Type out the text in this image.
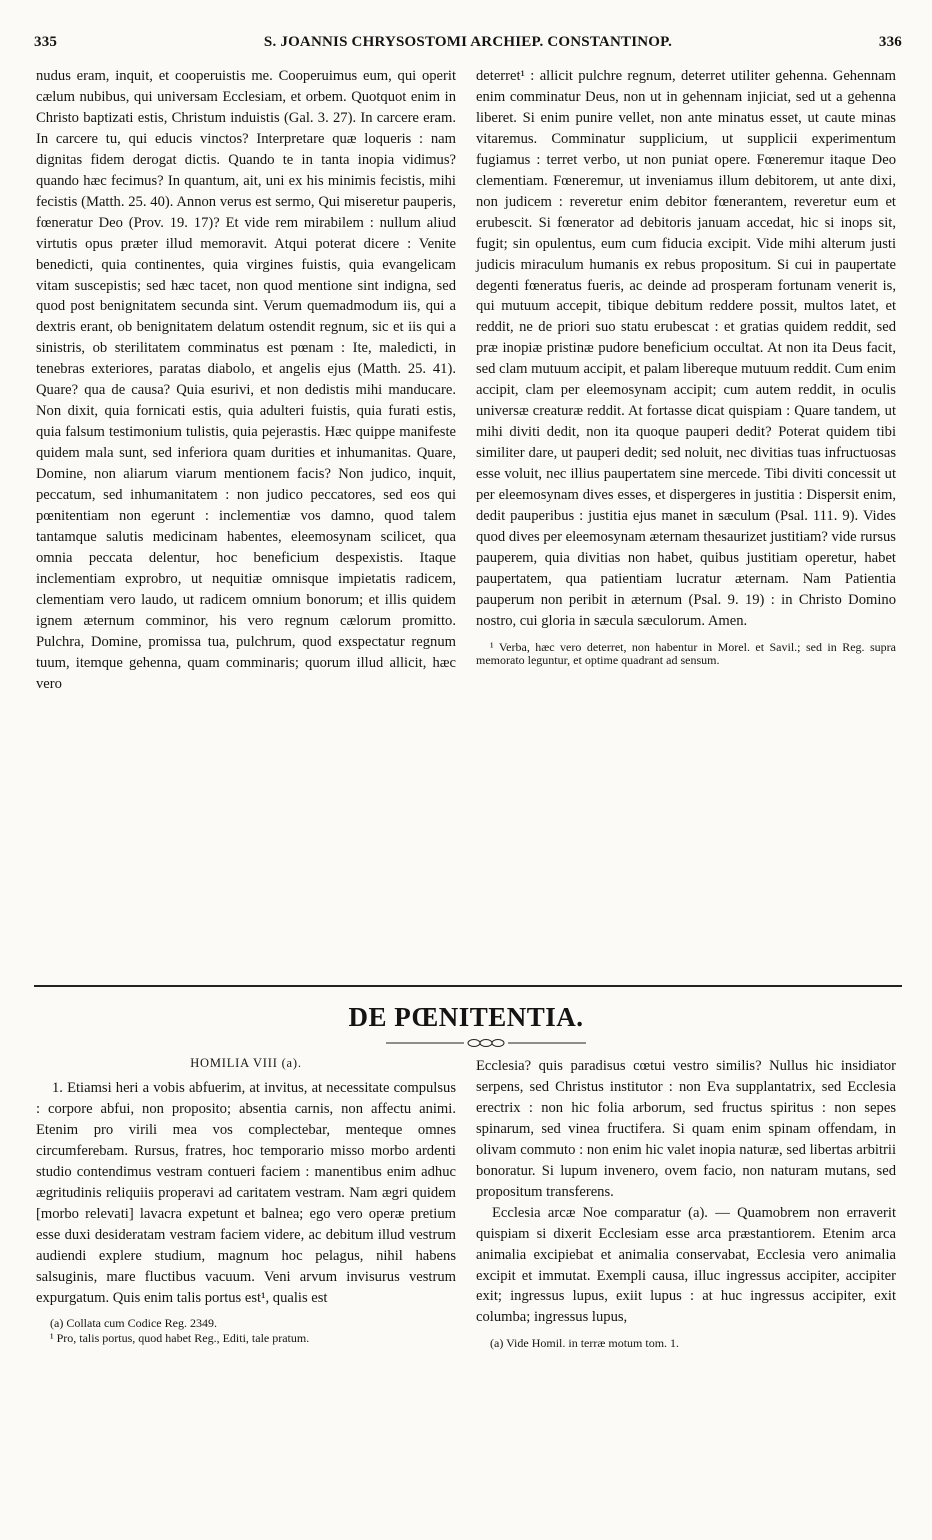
335	S. JOANNIS CHRYSOSTOMI ARCHIEP. CONSTANTINOP.	336

nudus eram, inquit, et cooperuistis me. Cooperuimus eum, qui operit cælum nubibus, qui universam Ecclesiam, et orbem. Quotquot enim in Christo baptizati estis, Christum induistis (Gal. 3. 27). In carcere eram. In carcere tu, qui educis vinctos? Interpretare quæ loqueris : nam dignitas fidem derogat dictis. Quando te in tanta inopia vidimus? quando hæc fecimus? In quantum, ait, uni ex his minimis fecistis, mihi fecistis (Matth. 25. 40). Annon verus est sermo, Qui miseretur pauperis, fœneratur Deo (Prov. 19. 17)? Et vide rem mirabilem : nullum aliud virtutis opus præter illud memoravit. Atqui poterat dicere : Venite benedicti, quia continentes, quia virgines fuistis, quia evangelicam vitam suscepistis; sed hæc tacet, non quod mentione sint indigna, sed quod post benignitatem secunda sint. Verum quemadmodum iis, qui a dextris erant, ob benignitatem delatum ostendit regnum, sic et iis qui a sinistris, ob sterilitatem comminatus est pœnam : Ite, maledicti, in tenebras exteriores, paratas diabolo, et angelis ejus (Matth. 25. 41). Quare? qua de causa? Quia esurivi, et non dedistis mihi manducare. Non dixit, quia fornicati estis, quia adulteri fuistis, quia furati estis, quia falsum testimonium tulistis, quia pejerastis. Hæc quippe manifeste quidem mala sunt, sed inferiora quam durities et inhumanitas. Quare, Domine, non aliarum viarum mentionem facis? Non judico, inquit, peccatum, sed inhumanitatem : non judico peccatores, sed eos qui pœnitentiam non egerunt : inclementiæ vos damno, quod talem tantamque salutis medicinam habentes, eleemosynam scilicet, qua omnia peccata delentur, hoc beneficium despexistis. Itaque inclementiam exprobro, ut nequitiæ omnisque impietatis radicem, clementiam vero laudo, ut radicem omnium bonorum; et illis quidem ignem æternum comminor, his vero regnum cælorum promitto. Pulchra, Domine, promissa tua, pulchrum, quod exspectatur regnum tuum, itemque gehenna, quam comminaris; quorum illud allicit, hæc vero

deterret¹ : allicit pulchre regnum, deterret utiliter gehenna. Gehennam enim comminatur Deus, non ut in gehennam injiciat, sed ut a gehenna liberet. Si enim punire vellet, non ante minatus esset, ut caute minas vitaremus. Comminatur supplicium, ut supplicii experimentum fugiamus : terret verbo, ut non puniat opere. Fœneremur itaque Deo clementiam. Fœneremur, ut inveniamus illum debitorem, ut ante dixi, non judicem : reveretur enim debitor fœnerantem, reveretur eum et erubescit. Si fœnerator ad debitoris januam accedat, hic si inops sit, fugit; sin opulentus, eum cum fiducia excipit. Vide mihi alterum justi judicis miraculum humanis ex rebus propositum. Si cui in paupertate degenti fœneratus fueris, ac deinde ad prosperam fortunam venerit is, qui mutuum accepit, tibique debitum reddere possit, multos latet, et reddit, ne de priori suo statu erubescat : et gratias quidem reddit, sed præ inopiæ pristinæ pudore beneficium occultat. At non ita Deus facit, sed clam mutuum accipit, et palam libereque mutuum reddit. Cum enim accipit, clam per eleemosynam accipit; cum autem reddit, in oculis universæ creaturæ reddit. At fortasse dicat quispiam : Quare tandem, ut mihi diviti dedit, non ita quoque pauperi dedit? Poterat quidem tibi similiter dare, ut pauperi dedit; sed noluit, nec divitias tuas infructuosas esse voluit, nec illius paupertatem sine mercede. Tibi diviti concessit ut per eleemosynam dives esses, et dispergeres in justitia : Dispersit enim, dedit pauperibus : justitia ejus manet in sæculum (Psal. 111. 9). Vides quod dives per eleemosynam æternam thesaurizet justitiam? vide rursus pauperem, quia divitias non habet, quibus justitiam operetur, habet paupertatem, qua patientiam lucratur æternam. Nam Patientia pauperum non peribit in æternum (Psal. 9. 19) : in Christo Domino nostro, cui gloria in sæcula sæculorum. Amen.

¹ Verba, hæc vero deterret, non habentur in Morel. et Savil.; sed in Reg. supra memorato leguntur, et optime quadrant ad sensum.
DE PŒNITENTIA.
HOMILIA VIII (a).

1. Etiamsi heri a vobis abfuerim, at invitus, at necessitate compulsus : corpore abfui, non proposito; absentia carnis, non affectu animi. Etenim pro virili mea vos complectebar, menteque omnes circumferebam. Rursus, fratres, hoc temporario misso morbo ardenti studio contendimus vestram contueri faciem : manentibus enim adhuc ægritudinis reliquiis properavi ad caritatem vestram. Nam ægri quidem [morbo relevati] lavacra expetunt et balnea; ego vero operæ pretium esse duxi desideratam vestram faciem videre, ac debitum illud vestrum audiendi explere studium, magnum hoc pelagus, nihil habens salsuginis, mare fluctibus vacuum. Veni arvum invisurus vestrum expurgatum. Quis enim talis portus est¹, qualis est

(a) Collata cum Codice Reg. 2349.
¹ Pro, talis portus, quod habet Reg., Editi, tale pratum.

Ecclesia? quis paradisus cœtui vestro similis? Nullus hic insidiator serpens, sed Christus institutor : non Eva supplantatrix, sed Ecclesia erectrix : non hic folia arborum, sed fructus spiritus : non sepes spinarum, sed vinea fructifera. Si quam enim spinam offendam, in olivam commuto : non enim hic valet inopia naturæ, sed libertas arbitrii bonoratur. Si lupum invenero, ovem facio, non naturam mutans, sed propositum transferens.

Ecclesia arcæ Noe comparatur (a). — Quamobrem non erraverit quispiam si dixerit Ecclesiam esse arca præstantiorem. Etenim arca animalia excipiebat et animalia conservabat, Ecclesia vero animalia excipit et immutat. Exempli causa, illuc ingressus accipiter, accipiter exit; ingressus lupus, exiit lupus : at huc ingressus accipiter, exit columba; ingressus lupus,

(a) Vide Homil. in terræ motum tom. 1.
